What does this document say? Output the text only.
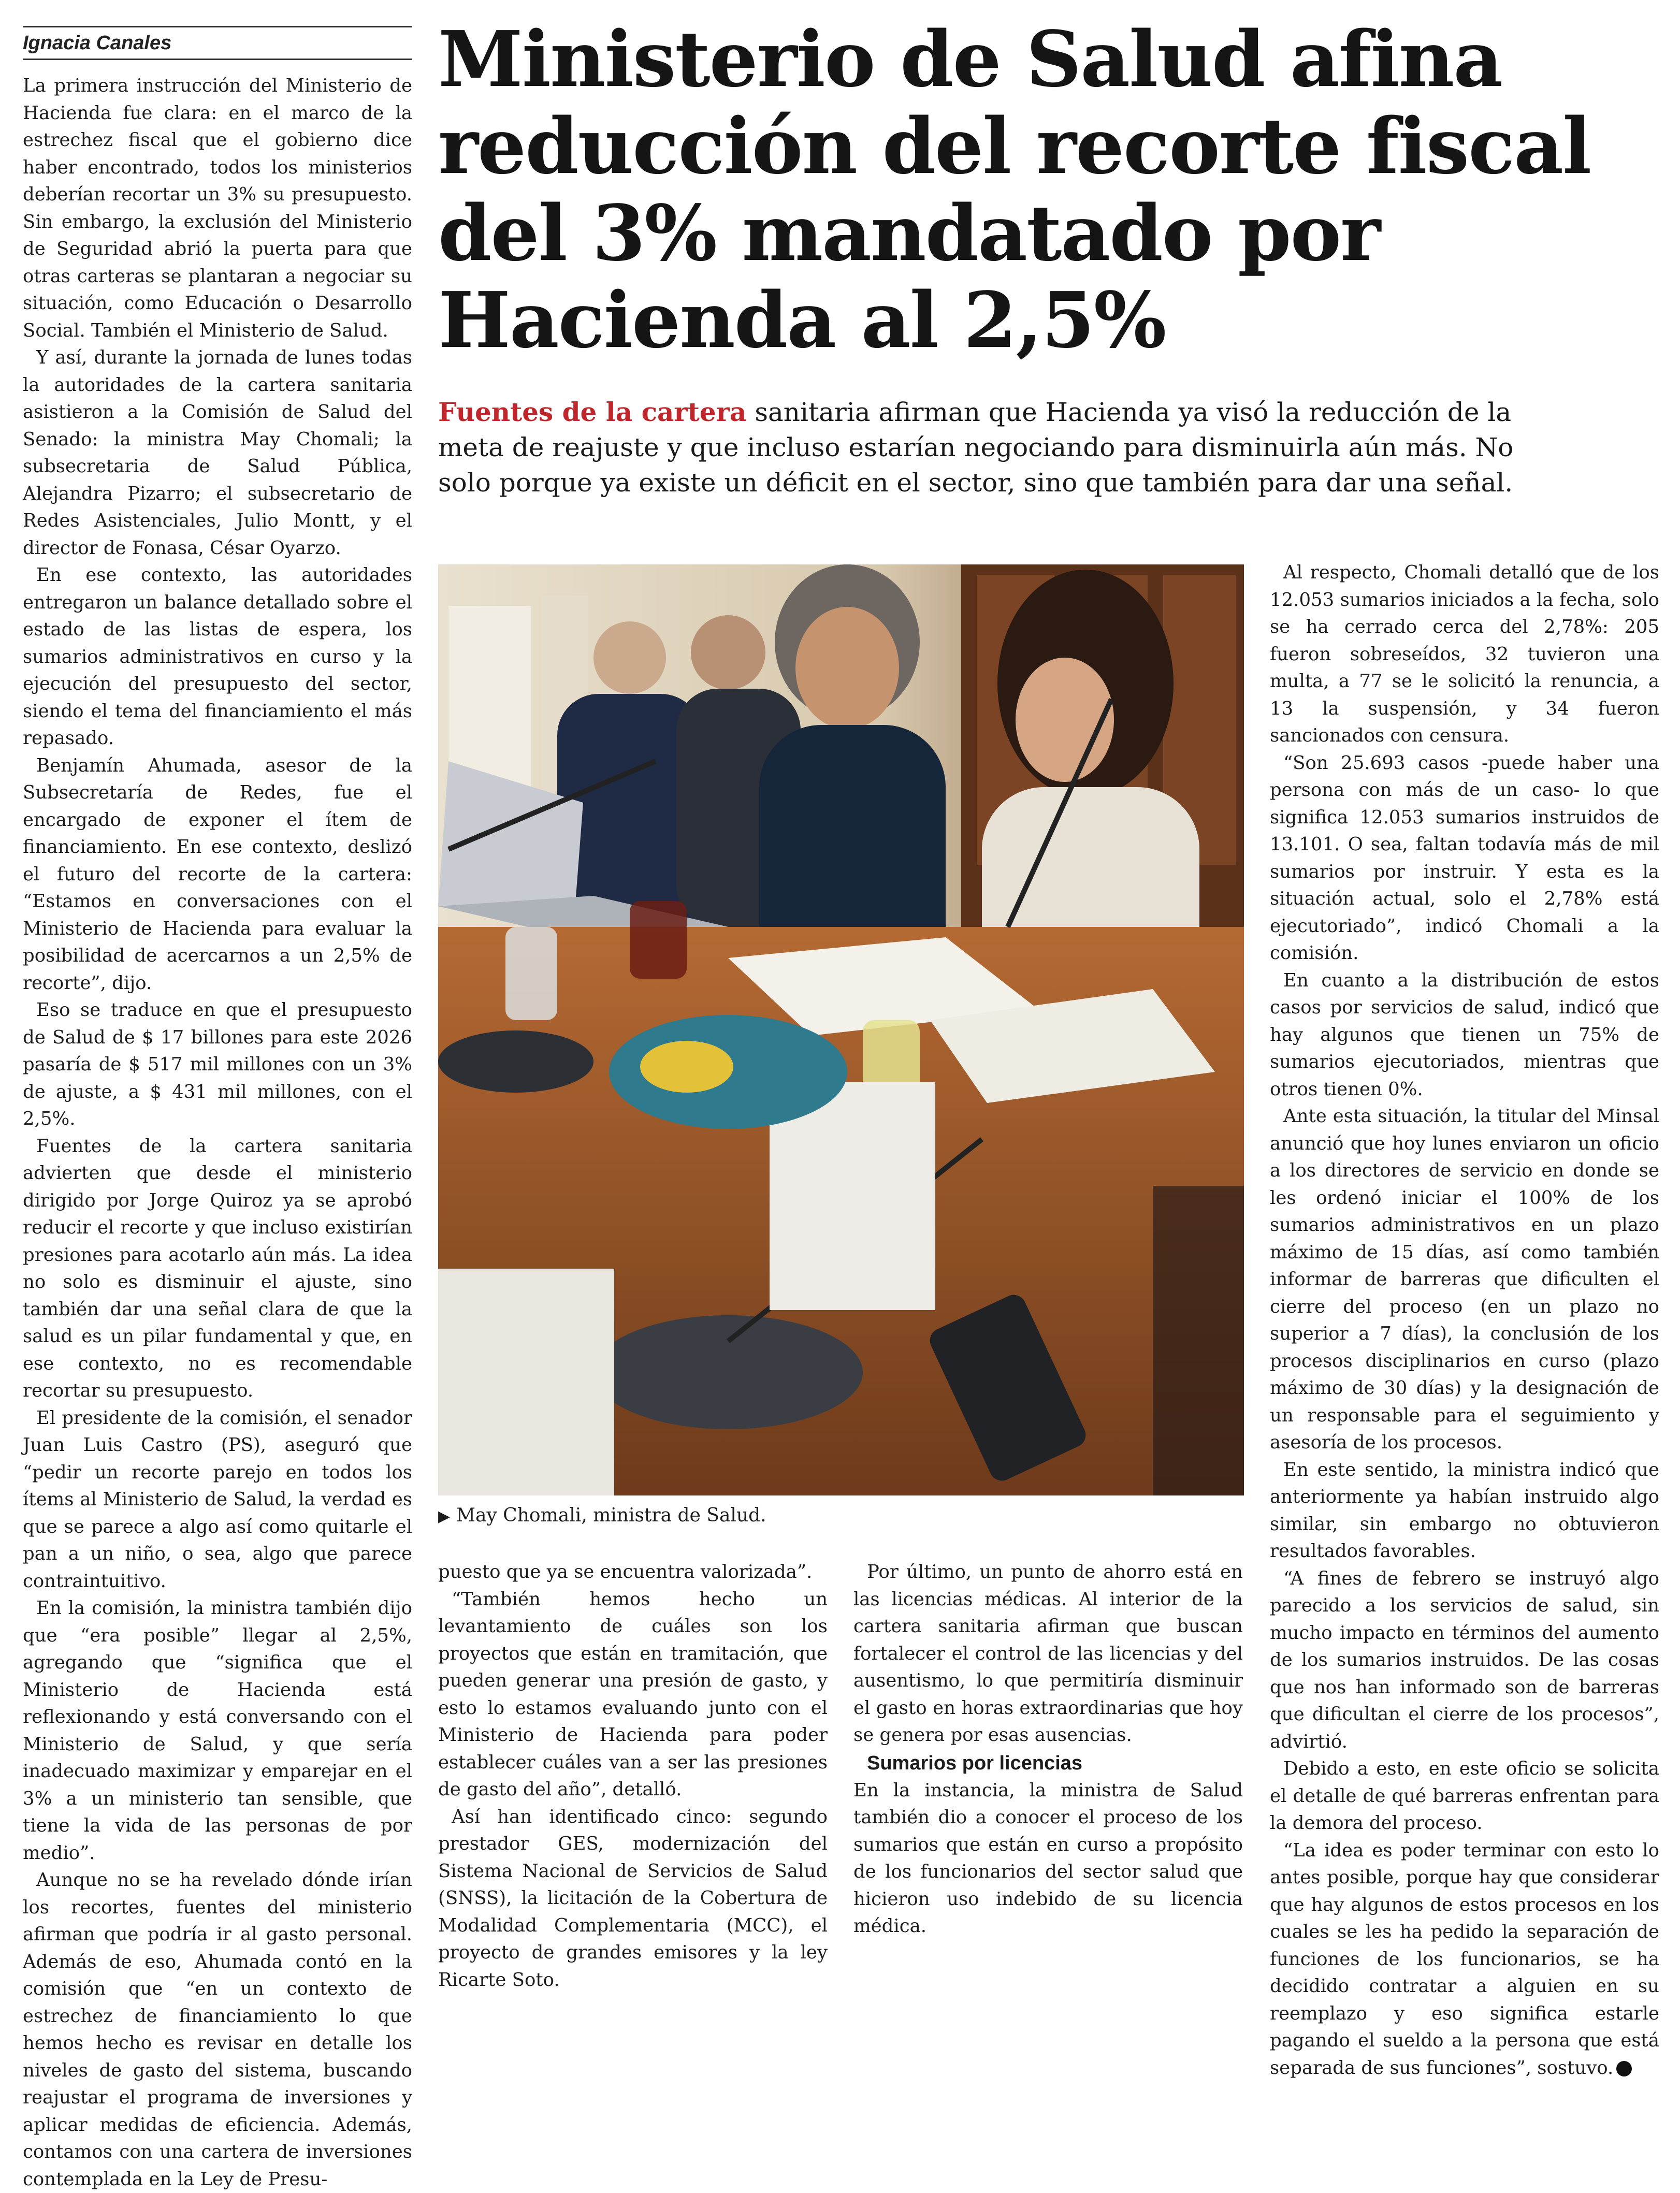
Ignacia Canales	Ministerio de Salud afina reducción del recorte fiscal del 3% mandatado por Hacienda al 2,5%

Fuentes de la cartera sanitaria afirman que Hacienda ya visó la reducción de la meta de reajuste y que incluso estarían negociando para disminuirla aún más. No solo porque ya existe un déficit en el sector, sino que también para dar una señal.

La primera instrucción del Ministerio de Hacienda fue clara: en el marco de la estrechez fiscal que el gobierno dice haber encontrado, todos los ministerios deberían recortar un 3% su presupuesto. Sin embargo, la exclusión del Ministerio de Seguridad abrió la puerta para que otras carteras se plantaran a negociar su situación, como Educación o Desarrollo Social. También el Ministerio de Salud.

Y así, durante la jornada de lunes todas la autoridades de la cartera sanitaria asistieron a la Comisión de Salud del Senado: la ministra May Chomali; la subsecretaria de Salud Pública, Alejandra Pizarro; el subsecretario de Redes Asistenciales, Julio Montt, y el director de Fonasa, César Oyarzo.

En ese contexto, las autoridades entregaron un balance detallado sobre el estado de las listas de espera, los sumarios administrativos en curso y la ejecución del presupuesto del sector, siendo el tema del financiamiento el más repasado.

Benjamín Ahumada, asesor de la Subsecretaría de Redes, fue el encargado de exponer el ítem de financiamiento. En ese contexto, deslizó el futuro del recorte de la cartera: “Estamos en conversaciones con el Ministerio de Hacienda para evaluar la posibilidad de acercarnos a un 2,5% de recorte”, dijo.

Eso se traduce en que el presupuesto de Salud de $ 17 billones para este 2026 pasaría de $ 517 mil millones con un 3% de ajuste, a $ 431 mil millones, con el 2,5%.

Fuentes de la cartera sanitaria advierten que desde el ministerio dirigido por Jorge Quiroz ya se aprobó reducir el recorte y que incluso existirían presiones para acotarlo aún más. La idea no solo es disminuir el ajuste, sino también dar una señal clara de que la salud es un pilar fundamental y que, en ese contexto, no es recomendable recortar su presupuesto.

El presidente de la comisión, el senador Juan Luis Castro (PS), aseguró que “pedir un recorte parejo en todos los ítems al Ministerio de Salud, la verdad es que se parece a algo así como quitarle el pan a un niño, o sea, algo que parece contraintuitivo.

En la comisión, la ministra también dijo que “era posible” llegar al 2,5%, agregando que “significa que el Ministerio de Hacienda está reflexionando y está conversando con el Ministerio de Salud, y que sería inadecuado maximizar y emparejar en el 3% a un ministerio tan sensible, que tiene la vida de las personas de por medio”.

Aunque no se ha revelado dónde irían los recortes, fuentes del ministerio afirman que podría ir al gasto personal. Además de eso, Ahumada contó en la comisión que “en un contexto de estrechez de financiamiento lo que hemos hecho es revisar en detalle los niveles de gasto del sistema, buscando reajustar el programa de inversiones y aplicar medidas de eficiencia. Además, contamos con una cartera de inversiones contemplada en la Ley de Presu-

▶ May Chomali, ministra de Salud.

puesto que ya se encuentra valorizada”.

“También hemos hecho un levantamiento de cuáles son los proyectos que están en tramitación, que pueden generar una presión de gasto, y esto lo estamos evaluando junto con el Ministerio de Hacienda para poder establecer cuáles van a ser las presiones de gasto del año”, detalló.

Así han identificado cinco: segundo prestador GES, modernización del Sistema Nacional de Servicios de Salud (SNSS), la licitación de la Cobertura de Modalidad Complementaria (MCC), el proyecto de grandes emisores y la ley Ricarte Soto.

Por último, un punto de ahorro está en las licencias médicas. Al interior de la cartera sanitaria afirman que buscan fortalecer el control de las licencias y del ausentismo, lo que permitiría disminuir el gasto en horas extraordinarias que hoy se genera por esas ausencias.

Sumarios por licencias

En la instancia, la ministra de Salud también dio a conocer el proceso de los sumarios que están en curso a propósito de los funcionarios del sector salud que hicieron uso indebido de su licencia médica.

Al respecto, Chomali detalló que de los 12.053 sumarios iniciados a la fecha, solo se ha cerrado cerca del 2,78%: 205 fueron sobreseídos, 32 tuvieron una multa, a 77 se le solicitó la renuncia, a 13 la suspensión, y 34 fueron sancionados con censura.

“Son 25.693 casos -puede haber una persona con más de un caso- lo que significa 12.053 sumarios instruidos de 13.101. O sea, faltan todavía más de mil sumarios por instruir. Y esta es la situación actual, solo el 2,78% está ejecutoriado”, indicó Chomali a la comisión.

En cuanto a la distribución de estos casos por servicios de salud, indicó que hay algunos que tienen un 75% de sumarios ejecutoriados, mientras que otros tienen 0%.

Ante esta situación, la titular del Minsal anunció que hoy lunes enviaron un oficio a los directores de servicio en donde se les ordenó iniciar el 100% de los sumarios administrativos en un plazo máximo de 15 días, así como también informar de barreras que dificulten el cierre del proceso (en un plazo no superior a 7 días), la conclusión de los procesos disciplinarios en curso (plazo máximo de 30 días) y la designación de un responsable para el seguimiento y asesoría de los procesos.

En este sentido, la ministra indicó que anteriormente ya habían instruido algo similar, sin embargo no obtuvieron resultados favorables.

“A fines de febrero se instruyó algo parecido a los servicios de salud, sin mucho impacto en términos del aumento de los sumarios instruidos. De las cosas que nos han informado son de barreras que dificultan el cierre de los procesos”, advirtió.

Debido a esto, en este oficio se solicita el detalle de qué barreras enfrentan para la demora del proceso.

“La idea es poder terminar con esto lo antes posible, porque hay que considerar que hay algunos de estos procesos en los cuales se les ha pedido la separación de funciones de los funcionarios, se ha decidido contratar a alguien en su reemplazo y eso significa estarle pagando el sueldo a la persona que está separada de sus funciones”, sostuvo.
